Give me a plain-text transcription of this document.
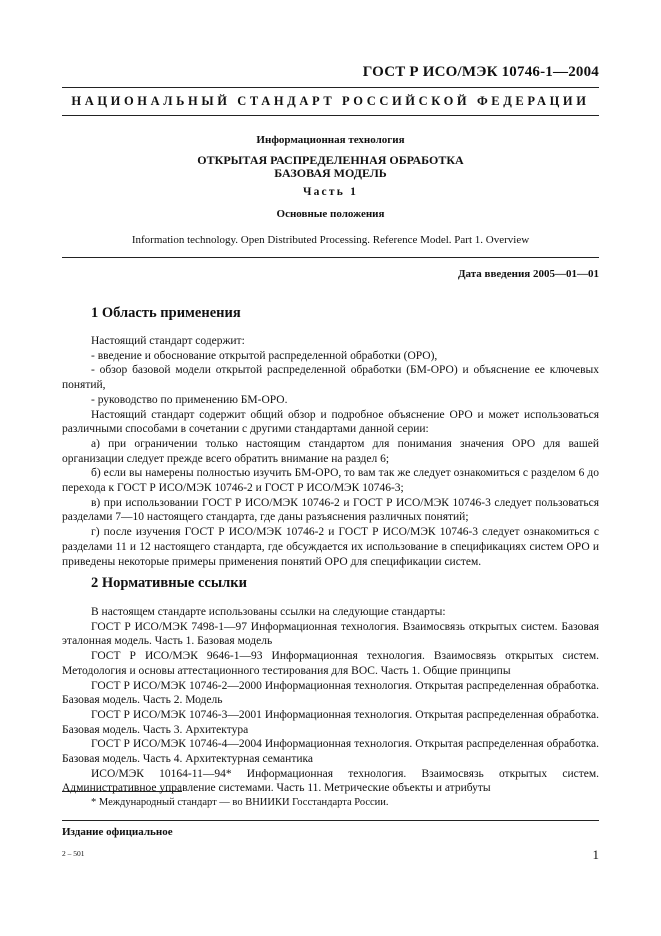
ГОСТ Р ИСО/МЭК 10746-1—2004
НАЦИОНАЛЬНЫЙ СТАНДАРТ РОССИЙСКОЙ ФЕДЕРАЦИИ
Информационная технология
ОТКРЫТАЯ РАСПРЕДЕЛЕННАЯ ОБРАБОТКА
БАЗОВАЯ МОДЕЛЬ
Часть 1
Основные положения
Information technology. Open Distributed Processing. Reference Model. Part 1. Overview
Дата введения 2005—01—01
1 Область применения

Настоящий стандарт содержит:

- введение и обоснование открытой распределенной обработки (ОРО),

- обзор базовой модели открытой распределенной обработки (БМ-ОРО) и объяснение ее ключевых понятий,

- руководство по применению БМ-ОРО.

Настоящий стандарт содержит общий обзор и подробное объяснение ОРО и может использоваться различными способами в сочетании с другими стандартами данной серии:

а) при ограничении только настоящим стандартом для понимания значения ОРО для вашей организации следует прежде всего обратить внимание на раздел 6;

б) если вы намерены полностью изучить БМ-ОРО, то вам так же следует ознакомиться с разделом 6 до перехода к ГОСТ Р ИСО/МЭК 10746-2 и ГОСТ Р ИСО/МЭК 10746-3;

в) при использовании ГОСТ Р ИСО/МЭК 10746-2 и ГОСТ Р ИСО/МЭК 10746-3 следует пользоваться разделами 7—10 настоящего стандарта, где даны разъяснения различных понятий;

г) после изучения ГОСТ Р ИСО/МЭК 10746-2 и ГОСТ Р ИСО/МЭК 10746-3 следует ознакомиться с разделами 11 и 12 настоящего стандарта, где обсуждается их использование в спецификациях систем ОРО и приведены некоторые примеры применения понятий ОРО для спецификации систем.

2 Нормативные ссылки

В настоящем стандарте использованы ссылки на следующие стандарты:

ГОСТ Р ИСО/МЭК 7498-1—97 Информационная технология. Взаимосвязь открытых систем. Базовая эталонная модель. Часть 1. Базовая модель

ГОСТ Р ИСО/МЭК 9646-1—93 Информационная технология. Взаимосвязь открытых систем. Методология и основы аттестационного тестирования для ВОС. Часть 1. Общие принципы

ГОСТ Р ИСО/МЭК 10746-2—2000 Информационная технология. Открытая распределенная обработка. Базовая модель. Часть 2. Модель

ГОСТ Р ИСО/МЭК 10746-3—2001 Информационная технология. Открытая распределенная обработка. Базовая модель. Часть 3. Архитектура

ГОСТ Р ИСО/МЭК 10746-4—2004 Информационная технология. Открытая распределенная обработка. Базовая модель. Часть 4. Архитектурная семантика

ИСО/МЭК 10164-11—94* Информационная технология. Взаимосвязь открытых систем. Административное управление системами. Часть 11. Метрические объекты и атрибуты

* Международный стандарт — во ВНИИКИ Госстандарта России.
Издание официальное
2 – 501	1
